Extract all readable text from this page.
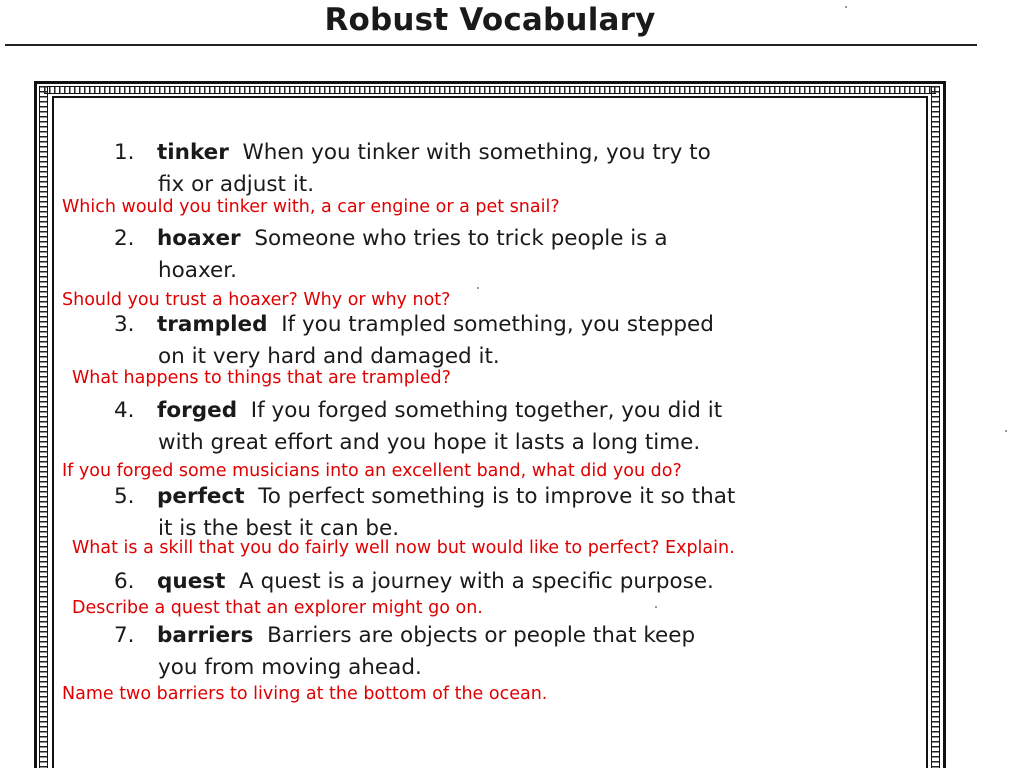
Robust Vocabulary
1. tinker When you tinker with something, you try to
fix or adjust it.
Which would you tinker with, a car engine or a pet snail?
2. hoaxer Someone who tries to trick people is a
hoaxer.
Should you trust a hoaxer? Why or why not?
3. trampled If you trampled something, you stepped
on it very hard and damaged it.
What happens to things that are trampled?
4. forged If you forged something together, you did it
with great effort and you hope it lasts a long time.
If you forged some musicians into an excellent band, what did you do?
5. perfect To perfect something is to improve it so that
it is the best it can be.
What is a skill that you do fairly well now but would like to perfect? Explain.
6. quest A quest is a journey with a specific purpose.
Describe a quest that an explorer might go on.
7. barriers Barriers are objects or people that keep
you from moving ahead.
Name two barriers to living at the bottom of the ocean.
